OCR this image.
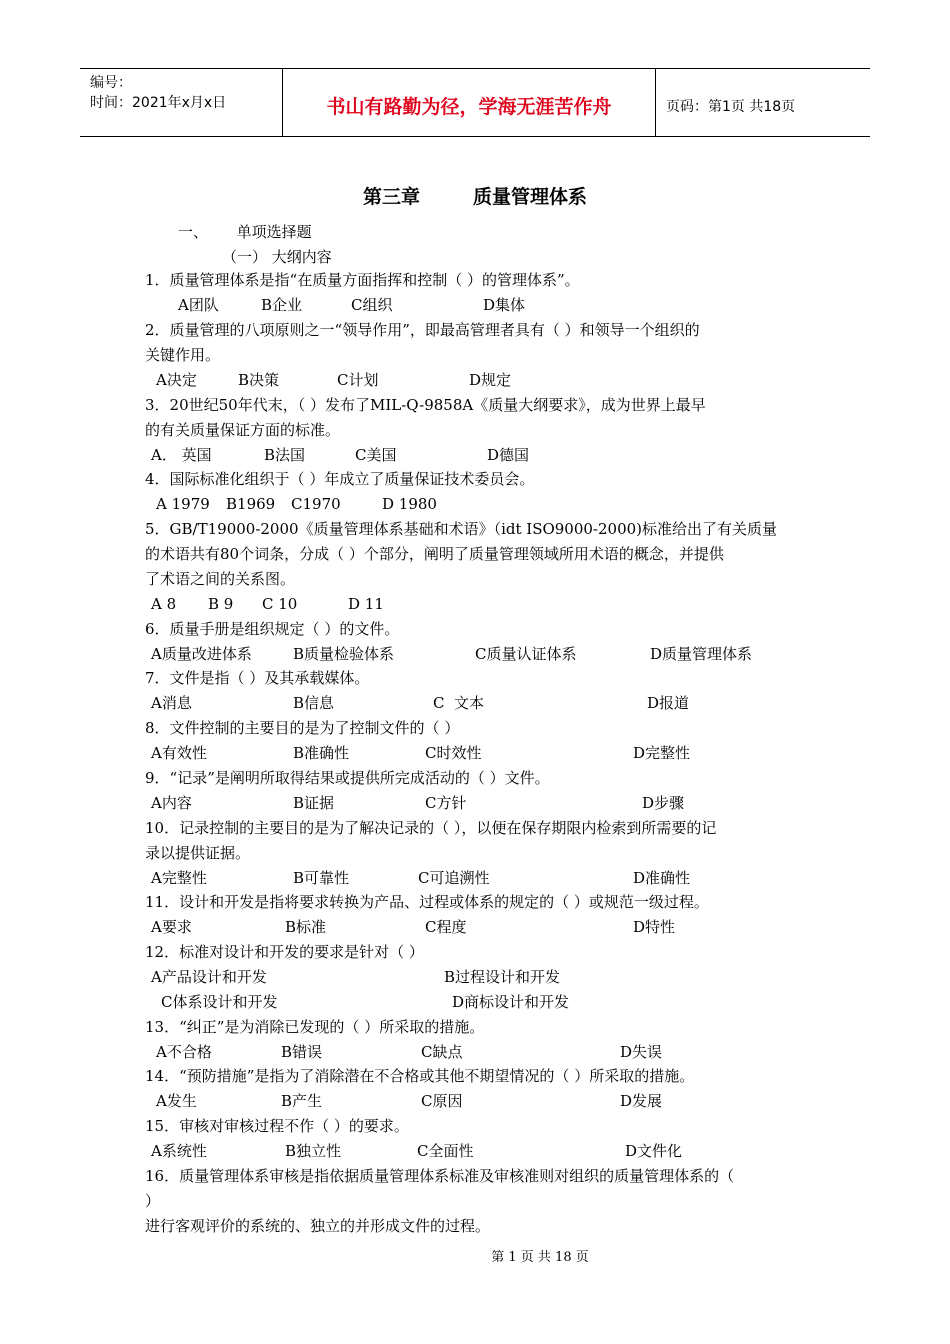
编号：
时间：2021年x月x日	书山有路勤为径，学海无涯苦作舟	页码：第1页 共18页
第三章        质量管理体系
一、      单项选择题
（一） 大纲内容
1．质量管理体系是指“在质量方面指挥和控制（ ）的管理体系”。
2．质量管理的八项原则之一“领导作用”，即最高管理者具有（ ）和领导一个组织的
关键作用。
3．20世纪50年代末，（ ）发布了MIL-Q-9858A《质量大纲要求》，成为世界上最早
的有关质量保证方面的标准。
4．国际标准化组织于（ ）年成立了质量保证技术委员会。
5．GB/T19000-2000《质量管理体系基础和术语》（idt ISO9000-2000)标准给出了有关质量
的术语共有80个词条，分成（ ）个部分，阐明了质量管理领域所用术语的概念，并提供
了术语之间的关系图。
6．质量手册是组织规定（ ）的文件。
7．文件是指（ ）及其承载媒体。
8．文件控制的主要目的是为了控制文件的（ ）
9．“记录”是阐明所取得结果或提供所完成活动的（ ）文件。
10．记录控制的主要目的是为了解决记录的（ ），以便在保存期限内检索到所需要的记
录以提供证据。
11．设计和开发是指将要求转换为产品、过程或体系的规定的（ ）或规范一级过程。
12．标准对设计和开发的要求是针对（ ）
13．“纠正”是为消除已发现的（ ）所采取的措施。
14．“预防措施”是指为了消除潜在不合格或其他不期望情况的（ ）所采取的措施。
15．审核对审核过程不作（ ）的要求。
16．质量管理体系审核是指依据质量管理体系标准及审核准则对组织的质量管理体系的（
）
进行客观评价的系统的、独立的并形成文件的过程。
A团队	B企业	C组织	D集体
A决定	B决策	C计划	D规定
A． 英国	B法国	C美国	D德国
A 1979 B1969 C1970	D 1980
A 8 B 9 C 10	D 11
A质量改进体系	B质量检验体系	C质量认证体系	D质量管理体系
A消息	B信息	C  文本	D报道
A有效性	B准确性	C时效性	D完整性
A内容	B证据	C方针	D步骤
A完整性	B可靠性	C可追溯性	D准确性
A要求	B标准	C程度	D特性
A产品设计和开发	B过程设计和开发
C体系设计和开发	D商标设计和开发
A不合格	B错误	C缺点	D失误
A发生	B产生	C原因	D发展
A系统性	B独立性	C全面性	D文件化
第 1 页 共 18 页
